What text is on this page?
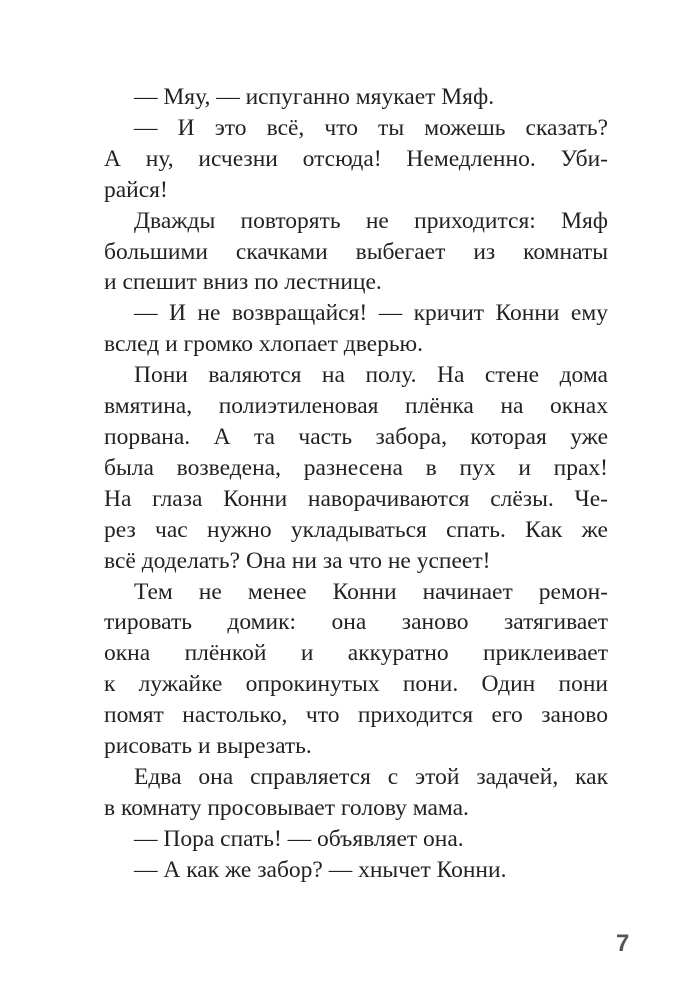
— Мяу, — испуганно мяукает Мяф.
— И это всё, что ты можешь сказать?
А ну, исчезни отсюда! Немедленно. Уби-
райся!
Дважды повторять не приходится: Мяф
большими скачками выбегает из комнаты
и спешит вниз по лестнице.
— И не возвращайся! — кричит Конни ему
вслед и громко хлопает дверью.
Пони валяются на полу. На стене дома
вмятина, полиэтиленовая плёнка на окнах
порвана. А та часть забора, которая уже
была возведена, разнесена в пух и прах!
На глаза Конни наворачиваются слёзы. Че-
рез час нужно укладываться спать. Как же
всё доделать? Она ни за что не успеет!
Тем не менее Конни начинает ремон-
тировать домик: она заново затягивает
окна плёнкой и аккуратно приклеивает
к лужайке опрокинутых пони. Один пони
помят настолько, что приходится его заново
рисовать и вырезать.
Едва она справляется с этой задачей, как
в комнату просовывает голову мама.
— Пора спать! — объявляет она.
— А как же забор? — хнычет Конни.
7
